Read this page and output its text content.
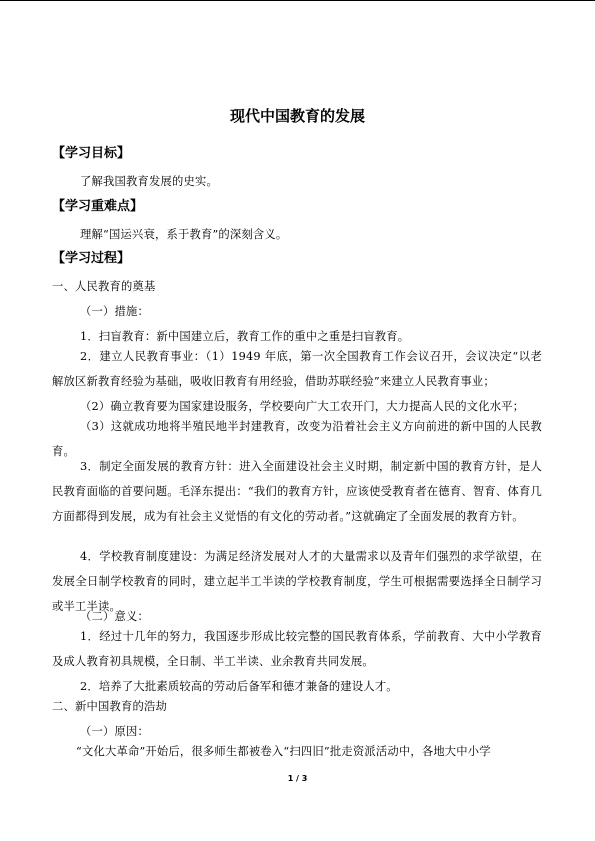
现代中国教育的发展
【学习目标】
了解我国教育发展的史实。
【学习重难点】
理解“国运兴衰，系于教育”的深刻含义。
【学习过程】
一、人民教育的奠基
（一）措施：
1．扫盲教育：新中国建立后，教育工作的重中之重是扫盲教育。
2．建立人民教育事业：（1）1949 年底，第一次全国教育工作会议召开，会议决定“以老解放区新教育经验为基础，吸收旧教育有用经验，借助苏联经验”来建立人民教育事业；
（2）确立教育要为国家建设服务，学校要向广大工农开门，大力提高人民的文化水平；
（3）这就成功地将半殖民地半封建教育，改变为沿着社会主义方向前进的新中国的人民教育。
3．制定全面发展的教育方针：进入全面建设社会主义时期，制定新中国的教育方针，是人民教育面临的首要问题。毛泽东提出：“我们的教育方针，应该使受教育者在德育、智育、体育几方面都得到发展，成为有社会主义觉悟的有文化的劳动者。”这就确定了全面发展的教育方针。
4．学校教育制度建设：为满足经济发展对人才的大量需求以及青年们强烈的求学欲望，在发展全日制学校教育的同时，建立起半工半读的学校教育制度，学生可根据需要选择全日制学习或半工半读。
（二）意义：
1．经过十几年的努力，我国逐步形成比较完整的国民教育体系，学前教育、大中小学教育及成人教育初具规模，全日制、半工半读、业余教育共同发展。
2．培养了大批素质较高的劳动后备军和德才兼备的建设人才。
二、新中国教育的浩劫
（一）原因：
“文化大革命”开始后，很多师生都被卷入“扫四旧”批走资派活动中，各地大中小学
1 / 3
